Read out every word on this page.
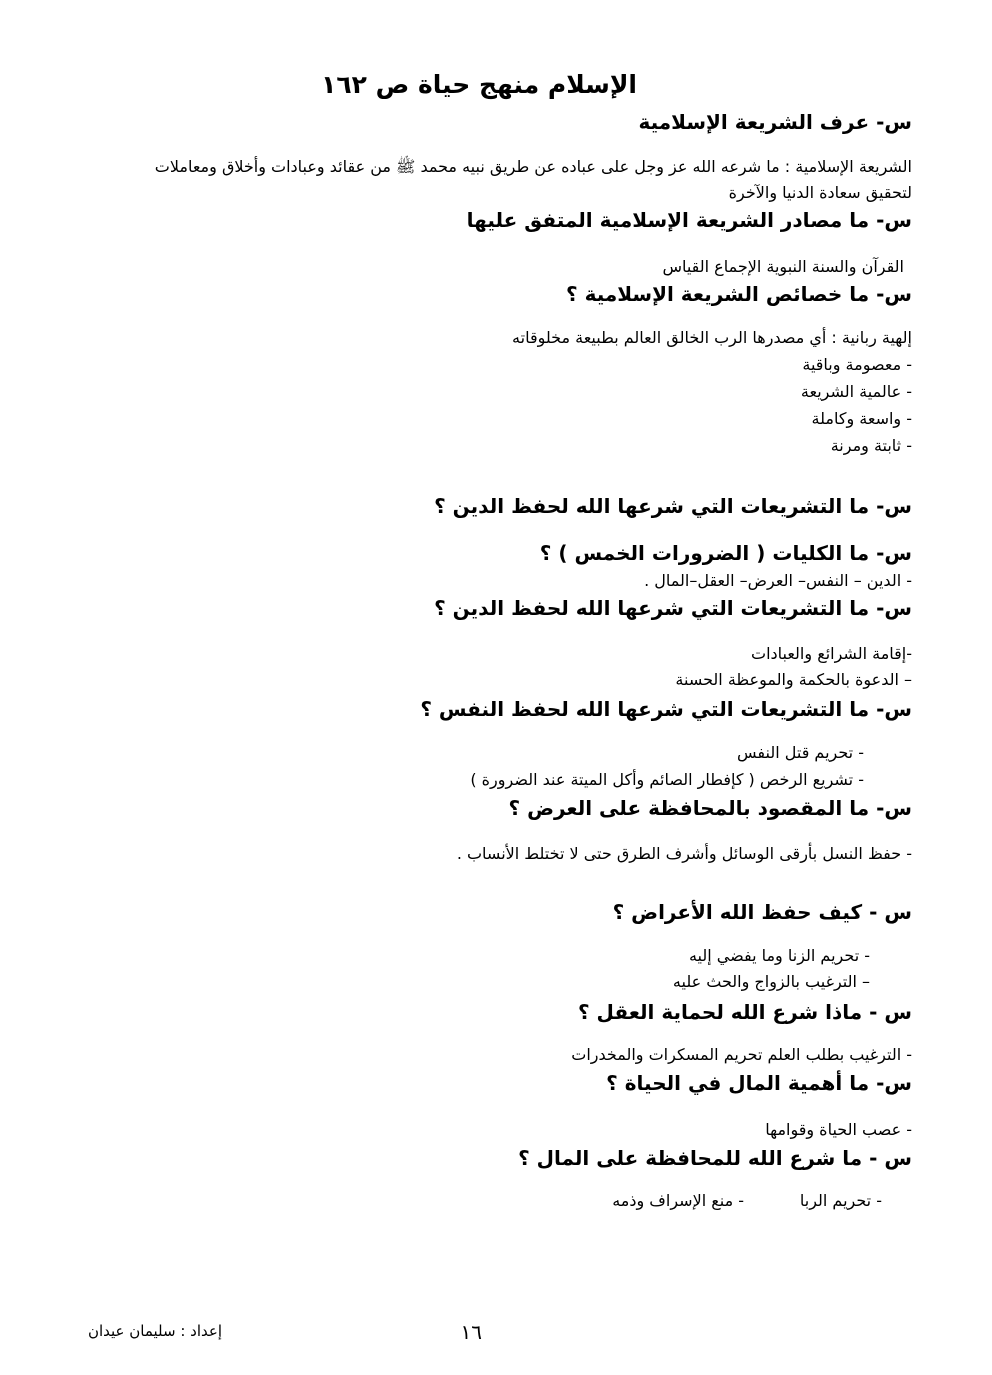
الإسلام منهج حياة ص ١٦٢
س- عرف الشريعة الإسلامية
الشريعة الإسلامية : ما شرعه الله عز وجل على عباده عن طريق نبيه محمد ﷺ من عقائد وعبادات وأخلاق ومعاملات
لتحقيق سعادة الدنيا والآخرة
س- ما مصادر الشريعة الإسلامية المتفق عليها
القرآن والسنة النبوية الإجماع القياس
س- ما خصائص الشريعة الإسلامية ؟
إلهية ربانية : أي مصدرها الرب الخالق العالم بطبيعة مخلوقاته
- معصومة وباقية
- عالمية الشريعة
- واسعة وكاملة
- ثابتة ومرنة
س- ما التشريعات التي شرعها الله لحفظ الدين ؟
س- ما الكليات ( الضرورات الخمس ) ؟
- الدين – النفس– العرض– العقل–المال .
س- ما التشريعات التي شرعها الله لحفظ الدين ؟
-إقامة الشرائع والعبادات
– الدعوة بالحكمة والموعظة الحسنة
س- ما التشريعات التي شرعها الله لحفظ النفس ؟
- تحريم قتل النفس
- تشريع الرخص ( كإفطار الصائم وأكل الميتة عند الضرورة )
س- ما المقصود بالمحافظة على العرض ؟
- حفظ النسل بأرقى الوسائل وأشرف الطرق حتى لا تختلط الأنساب .
س - كيف حفظ الله الأعراض ؟
- تحريم الزنا وما يفضي إليه
– الترغيب بالزواج والحث عليه
س - ماذا شرع الله لحماية العقل ؟
- الترغيب بطلب العلم تحريم المسكرات والمخدرات
س- ما أهمية المال في الحياة ؟
- عصب الحياة وقوامها
س - ما شرع الله للمحافظة على المال ؟
- تحريم الربا
- منع الإسراف وذمه
١٦
إعداد : سليمان عيدان
